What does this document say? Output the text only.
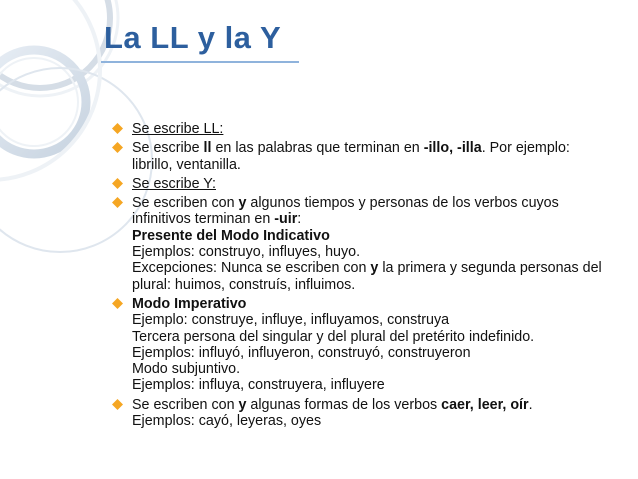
La LL y la Y
Se escribe LL:
Se escribe ll en las palabras que terminan en -illo, -illa. Por ejemplo: librillo, ventanilla.
Se escribe Y:
Se escriben con y algunos tiempos y personas de los verbos cuyos infinitivos terminan en -uir:
Presente del Modo Indicativo
Ejemplos: construyo, influyes, huyo.
Excepciones: Nunca se escriben con y la primera y segunda personas del plural: huimos, construís, influimos.
Modo Imperativo
Ejemplo: construye, influye, influyamos, construya
Tercera persona del singular y del plural del pretérito indefinido.
Ejemplos: influyó, influyeron, construyó, construyeron
Modo subjuntivo.
Ejemplos: influya, construyera, influyere
Se escriben con y algunas formas de los verbos caer, leer, oír.
Ejemplos: cayó, leyeras, oyes
